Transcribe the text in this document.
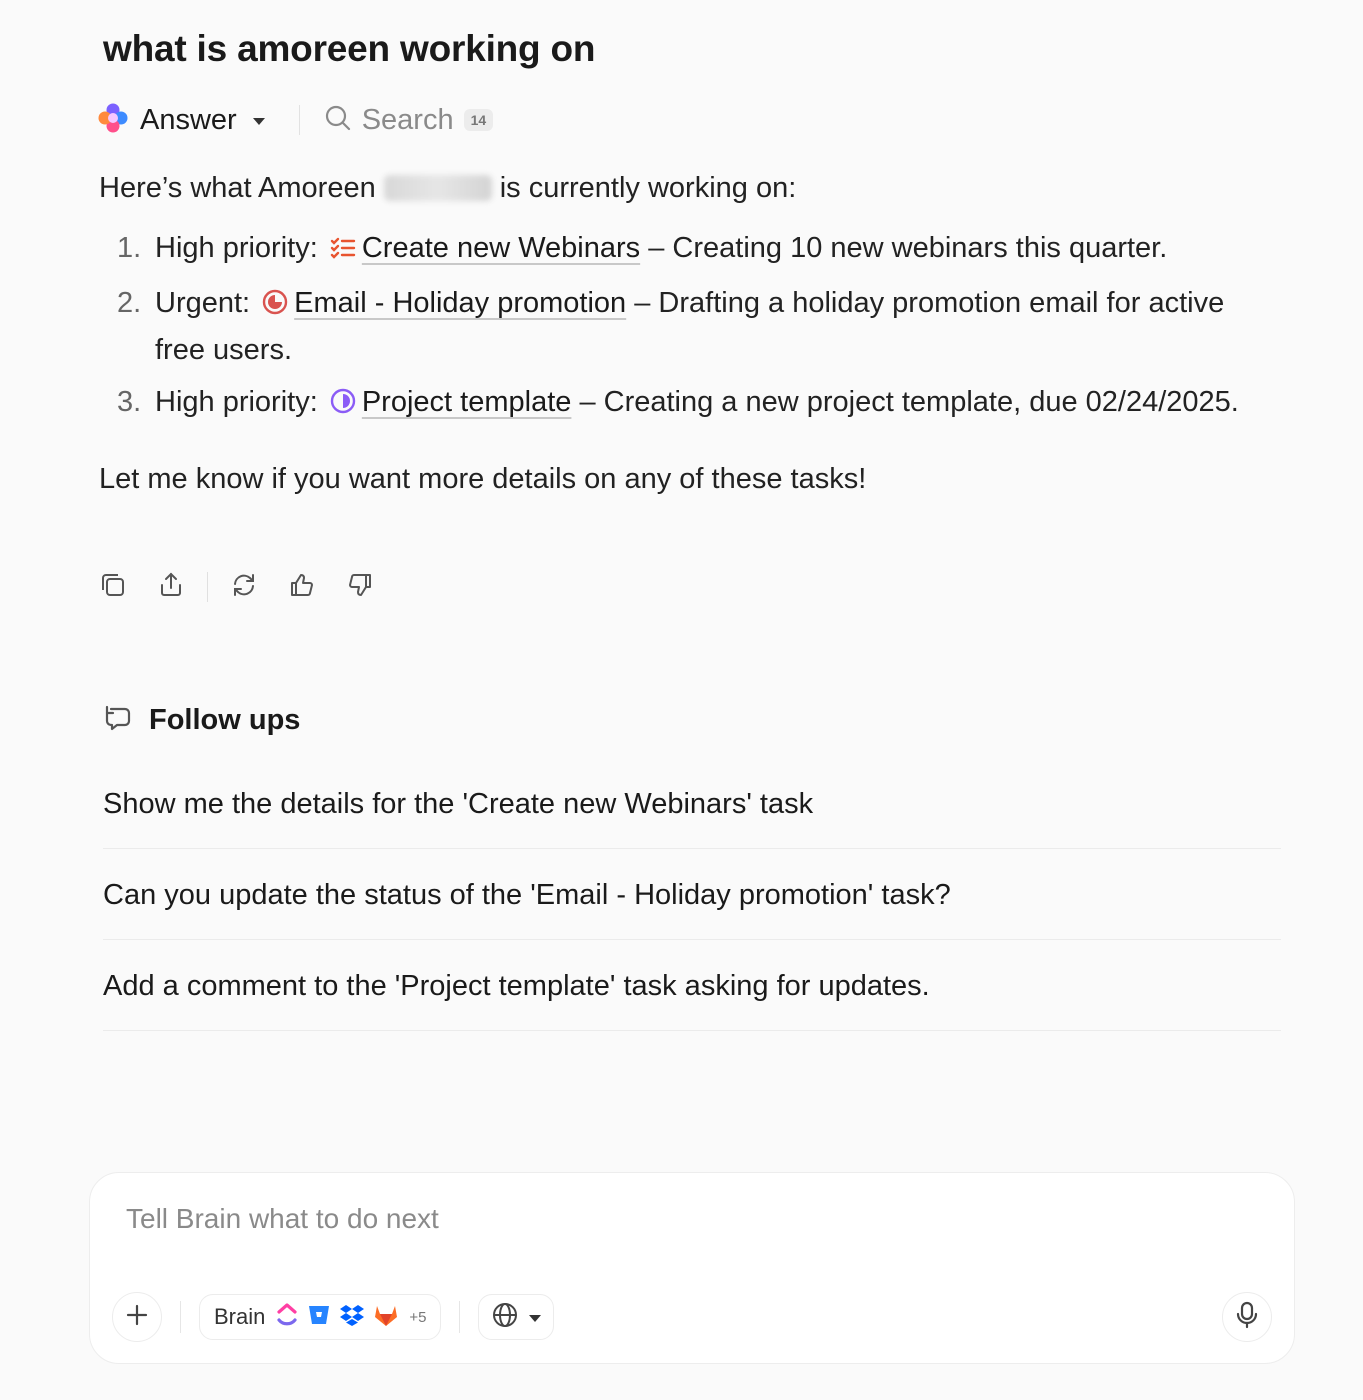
what is amoreen working on
Answer	Search	14
Here’s what Amoreen	is currently working on:
1. High priority: Create new Webinars – Creating 10 new webinars this quarter.
2. Urgent: Email - Holiday promotion – Drafting a holiday promotion email for active free users.
3. High priority: Project template – Creating a new project template, due 02/24/2025.
Let me know if you want more details on any of these tasks!
Follow ups
Show me the details for the 'Create new Webinars' task
Can you update the status of the 'Email - Holiday promotion' task?
Add a comment to the 'Project template' task asking for updates.
Tell Brain what to do next
Brain	+5
